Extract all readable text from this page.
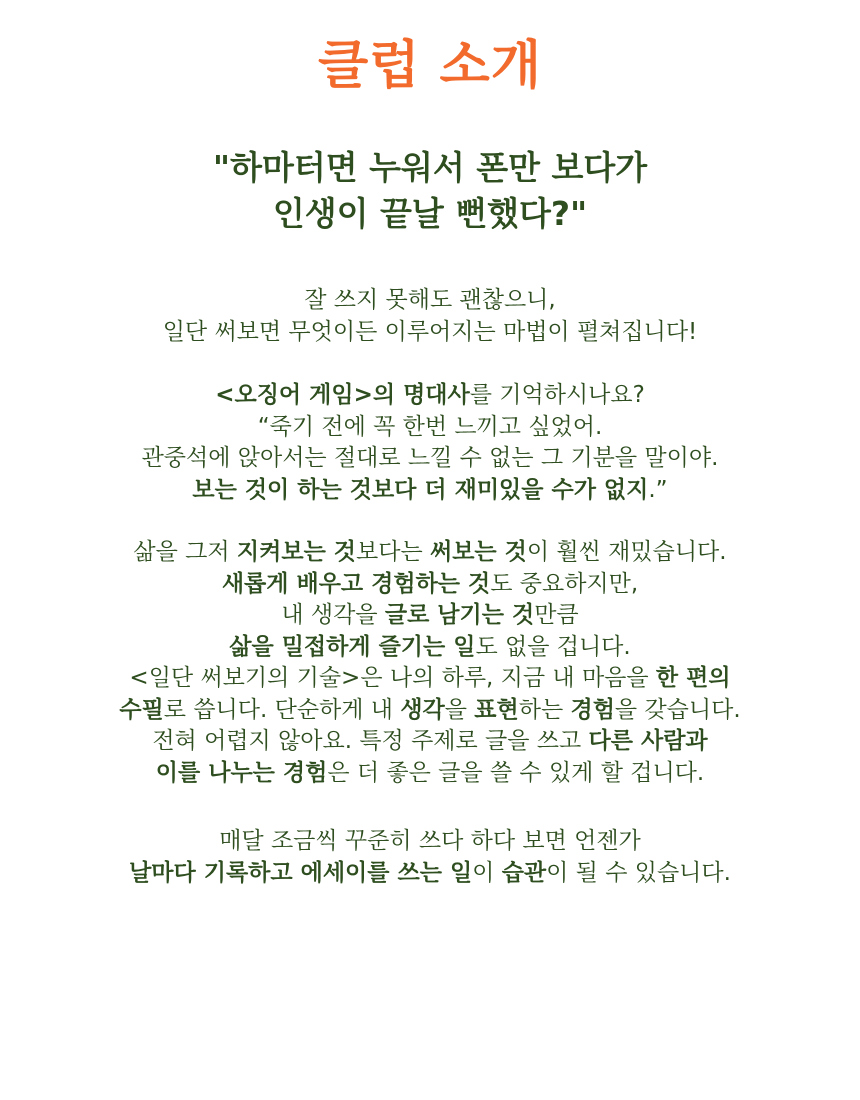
클럽 소개
"하마터면 누워서 폰만 보다가
인생이 끝날 뻔했다?"
잘 쓰지 못해도 괜찮으니,
일단 써보면 무엇이든 이루어지는 마법이 펼쳐집니다!
<오징어 게임>의 명대사를 기억하시나요?
“죽기 전에 꼭 한번 느끼고 싶었어.
관중석에 앉아서는 절대로 느낄 수 없는 그 기분을 말이야.
보는 것이 하는 것보다 더 재미있을 수가 없지.”
삶을 그저 지켜보는 것보다는 써보는 것이 훨씬 재밌습니다.
새롭게 배우고 경험하는 것도 중요하지만,
내 생각을 글로 남기는 것만큼
삶을 밀접하게 즐기는 일도 없을 겁니다.
<일단 써보기의 기술>은 나의 하루, 지금 내 마음을 한 편의
수필로 씁니다. 단순하게 내 생각을 표현하는 경험을 갖습니다.
전혀 어렵지 않아요. 특정 주제로 글을 쓰고 다른 사람과
이를 나누는 경험은 더 좋은 글을 쓸 수 있게 할 겁니다.
매달 조금씩 꾸준히 쓰다 하다 보면 언젠가
날마다 기록하고 에세이를 쓰는 일이 습관이 될 수 있습니다.
